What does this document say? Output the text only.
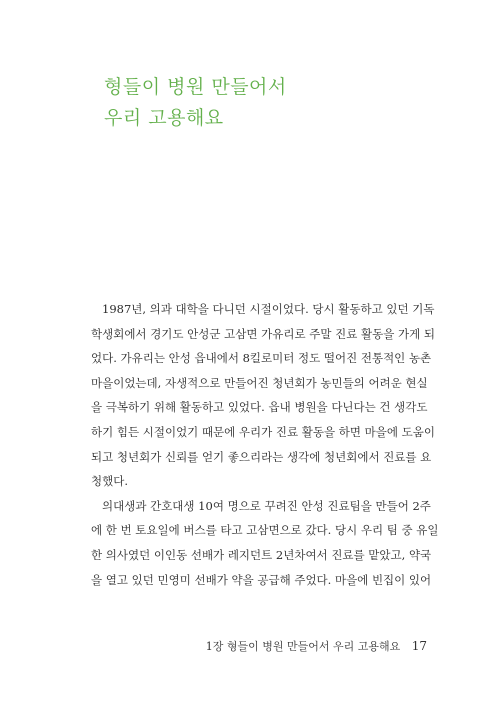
형들이 병원 만들어서
우리 고용해요

1987년, 의과 대학을 다니던 시절이었다. 당시 활동하고 있던 기독
학생회에서 경기도 안성군 고삼면 가유리로 주말 진료 활동을 가게 되
었다. 가유리는 안성 읍내에서 8킬로미터 정도 떨어진 전통적인 농촌
마을이었는데, 자생적으로 만들어진 청년회가 농민들의 어려운 현실
을 극복하기 위해 활동하고 있었다. 읍내 병원을 다닌다는 건 생각도
하기 힘든 시절이었기 때문에 우리가 진료 활동을 하면 마을에 도움이
되고 청년회가 신뢰를 얻기 좋으리라는 생각에 청년회에서 진료를 요
청했다.

의대생과 간호대생 10여 명으로 꾸려진 안성 진료팀을 만들어 2주
에 한 번 토요일에 버스를 타고 고삼면으로 갔다. 당시 우리 팀 중 유일
한 의사였던 이인동 선배가 레지던트 2년차여서 진료를 맡았고, 약국
을 열고 있던 민영미 선배가 약을 공급해 주었다. 마을에 빈집이 있어

1장 형들이 병원 만들어서 우리 고용해요 17
